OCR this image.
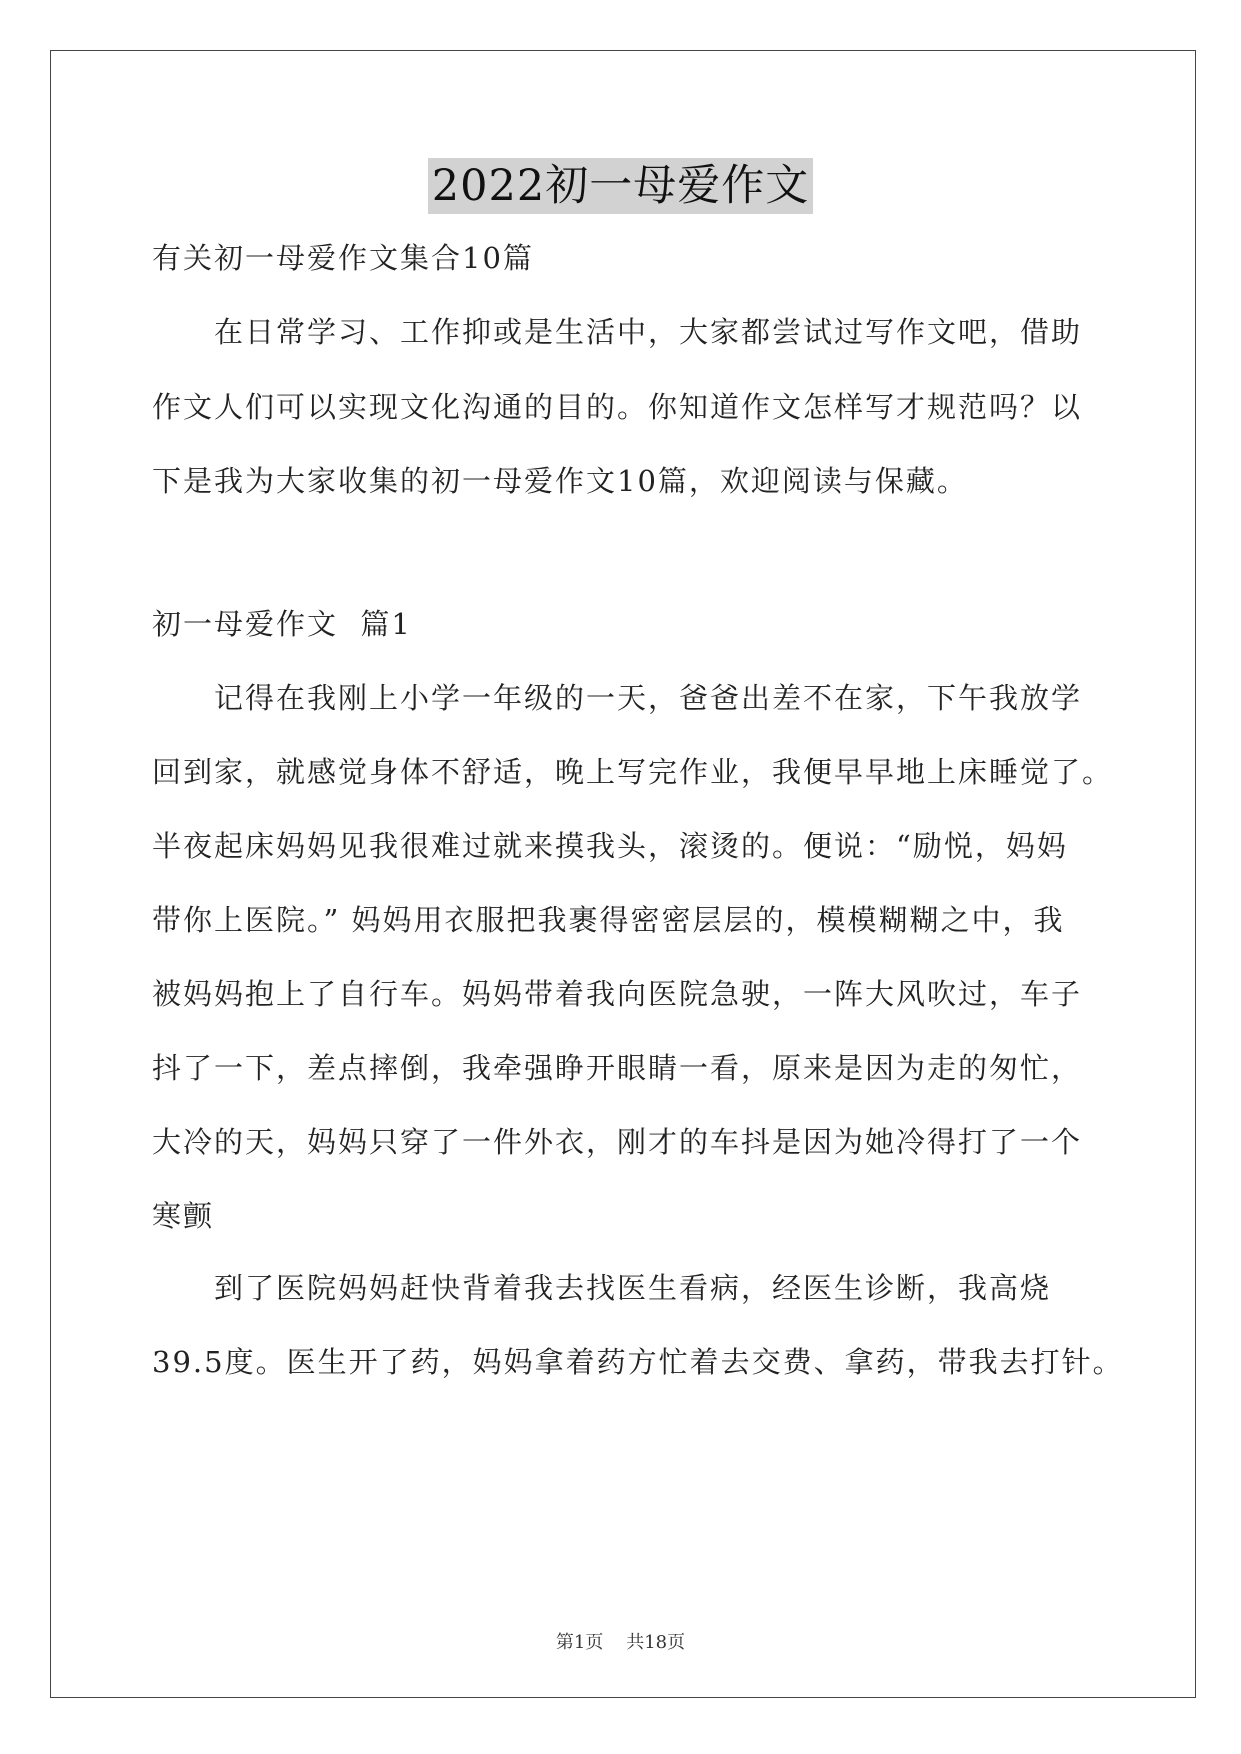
2022初一母爱作文
有关初一母爱作文集合10篇
在日常学习、工作抑或是生活中，大家都尝试过写作文吧，借助
作文人们可以实现文化沟通的目的。你知道作文怎样写才规范吗？以
下是我为大家收集的初一母爱作文10篇，欢迎阅读与保藏。
初一母爱作文  篇1
记得在我刚上小学一年级的一天，爸爸出差不在家，下午我放学
回到家，就感觉身体不舒适，晚上写完作业，我便早早地上床睡觉了。
半夜起床妈妈见我很难过就来摸我头，滚烫的。便说：“励悦，妈妈
带你上医院。” 妈妈用衣服把我裹得密密层层的，模模糊糊之中，我
被妈妈抱上了自行车。妈妈带着我向医院急驶，一阵大风吹过，车子
抖了一下，差点摔倒，我牵强睁开眼睛一看，原来是因为走的匆忙，
大冷的天，妈妈只穿了一件外衣，刚才的车抖是因为她冷得打了一个
寒颤
到了医院妈妈赶快背着我去找医生看病，经医生诊断，我高烧
39.5度。医生开了药，妈妈拿着药方忙着去交费、拿药，带我去打针。
第1页    共18页
